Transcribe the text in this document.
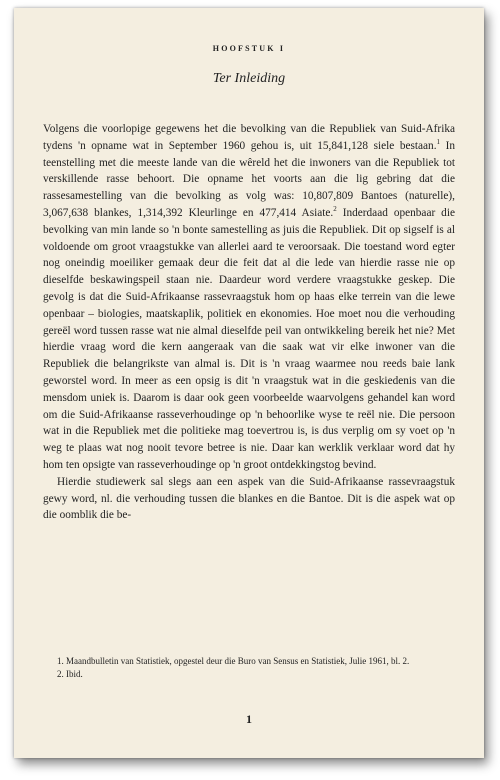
HOOFSTUK I
Ter Inleiding

Volgens die voorlopige gegewens het die bevolking van die Republiek van Suid-Afrika tydens 'n opname wat in September 1960 gehou is, uit 15,841,128 siele bestaan.$^1$ In teenstelling met die meeste lande van die wêreld het die inwoners van die Republiek tot verskillende rasse behoort. Die opname het voorts aan die lig gebring dat die rassesamestelling van die bevolking as volg was: 10,807,809 Bantoes (naturelle), 3,067,638 blankes, 1,314,392 Kleurlinge en 477,414 Asiate.$^2$ Inderdaad openbaar die bevolking van min lande so 'n bonte samestelling as juis die Republiek. Dit op sigself is al voldoende om groot vraagstukke van allerlei aard te veroorsaak. Die toestand word egter nog oneindig moeiliker gemaak deur die feit dat al die lede van hierdie rasse nie op dieselfde beskawingspeil staan nie. Daardeur word verdere vraagstukke geskep. Die gevolg is dat die Suid-Afrikaanse rassevraagstuk hom op haas elke terrein van die lewe openbaar – biologies, maatskaplik, politiek en ekonomies. Hoe moet nou die verhouding gereël word tussen rasse wat nie almal dieselfde peil van ontwikkeling bereik het nie? Met hierdie vraag word die kern aangeraak van die saak wat vir elke inwoner van die Republiek die belangrikste van almal is. Dit is 'n vraag waarmee nou reeds baie lank geworstel word. In meer as een opsig is dit 'n vraagstuk wat in die geskiedenis van die mensdom uniek is. Daarom is daar ook geen voorbeelde waarvolgens gehandel kan word om die Suid-Afrikaanse rasseverhoudinge op 'n behoorlike wyse te reël nie. Die persoon wat in die Republiek met die politieke mag toevertrou is, is dus verplig om sy voet op 'n weg te plaas wat nog nooit tevore betree is nie. Daar kan werklik verklaar word dat hy hom ten opsigte van rasseverhoudinge op 'n groot ontdekkingstog bevind.

Hierdie studiewerk sal slegs aan een aspek van die Suid-Afrikaanse rassevraagstuk gewy word, nl. die verhouding tussen die blankes en die Bantoe. Dit is die aspek wat op die oomblik die be-

1. Maandbulletin van Statistiek, opgestel deur die Buro van Sensus en Statistiek, Julie 1961, bl. 2.

2. Ibid.

1
